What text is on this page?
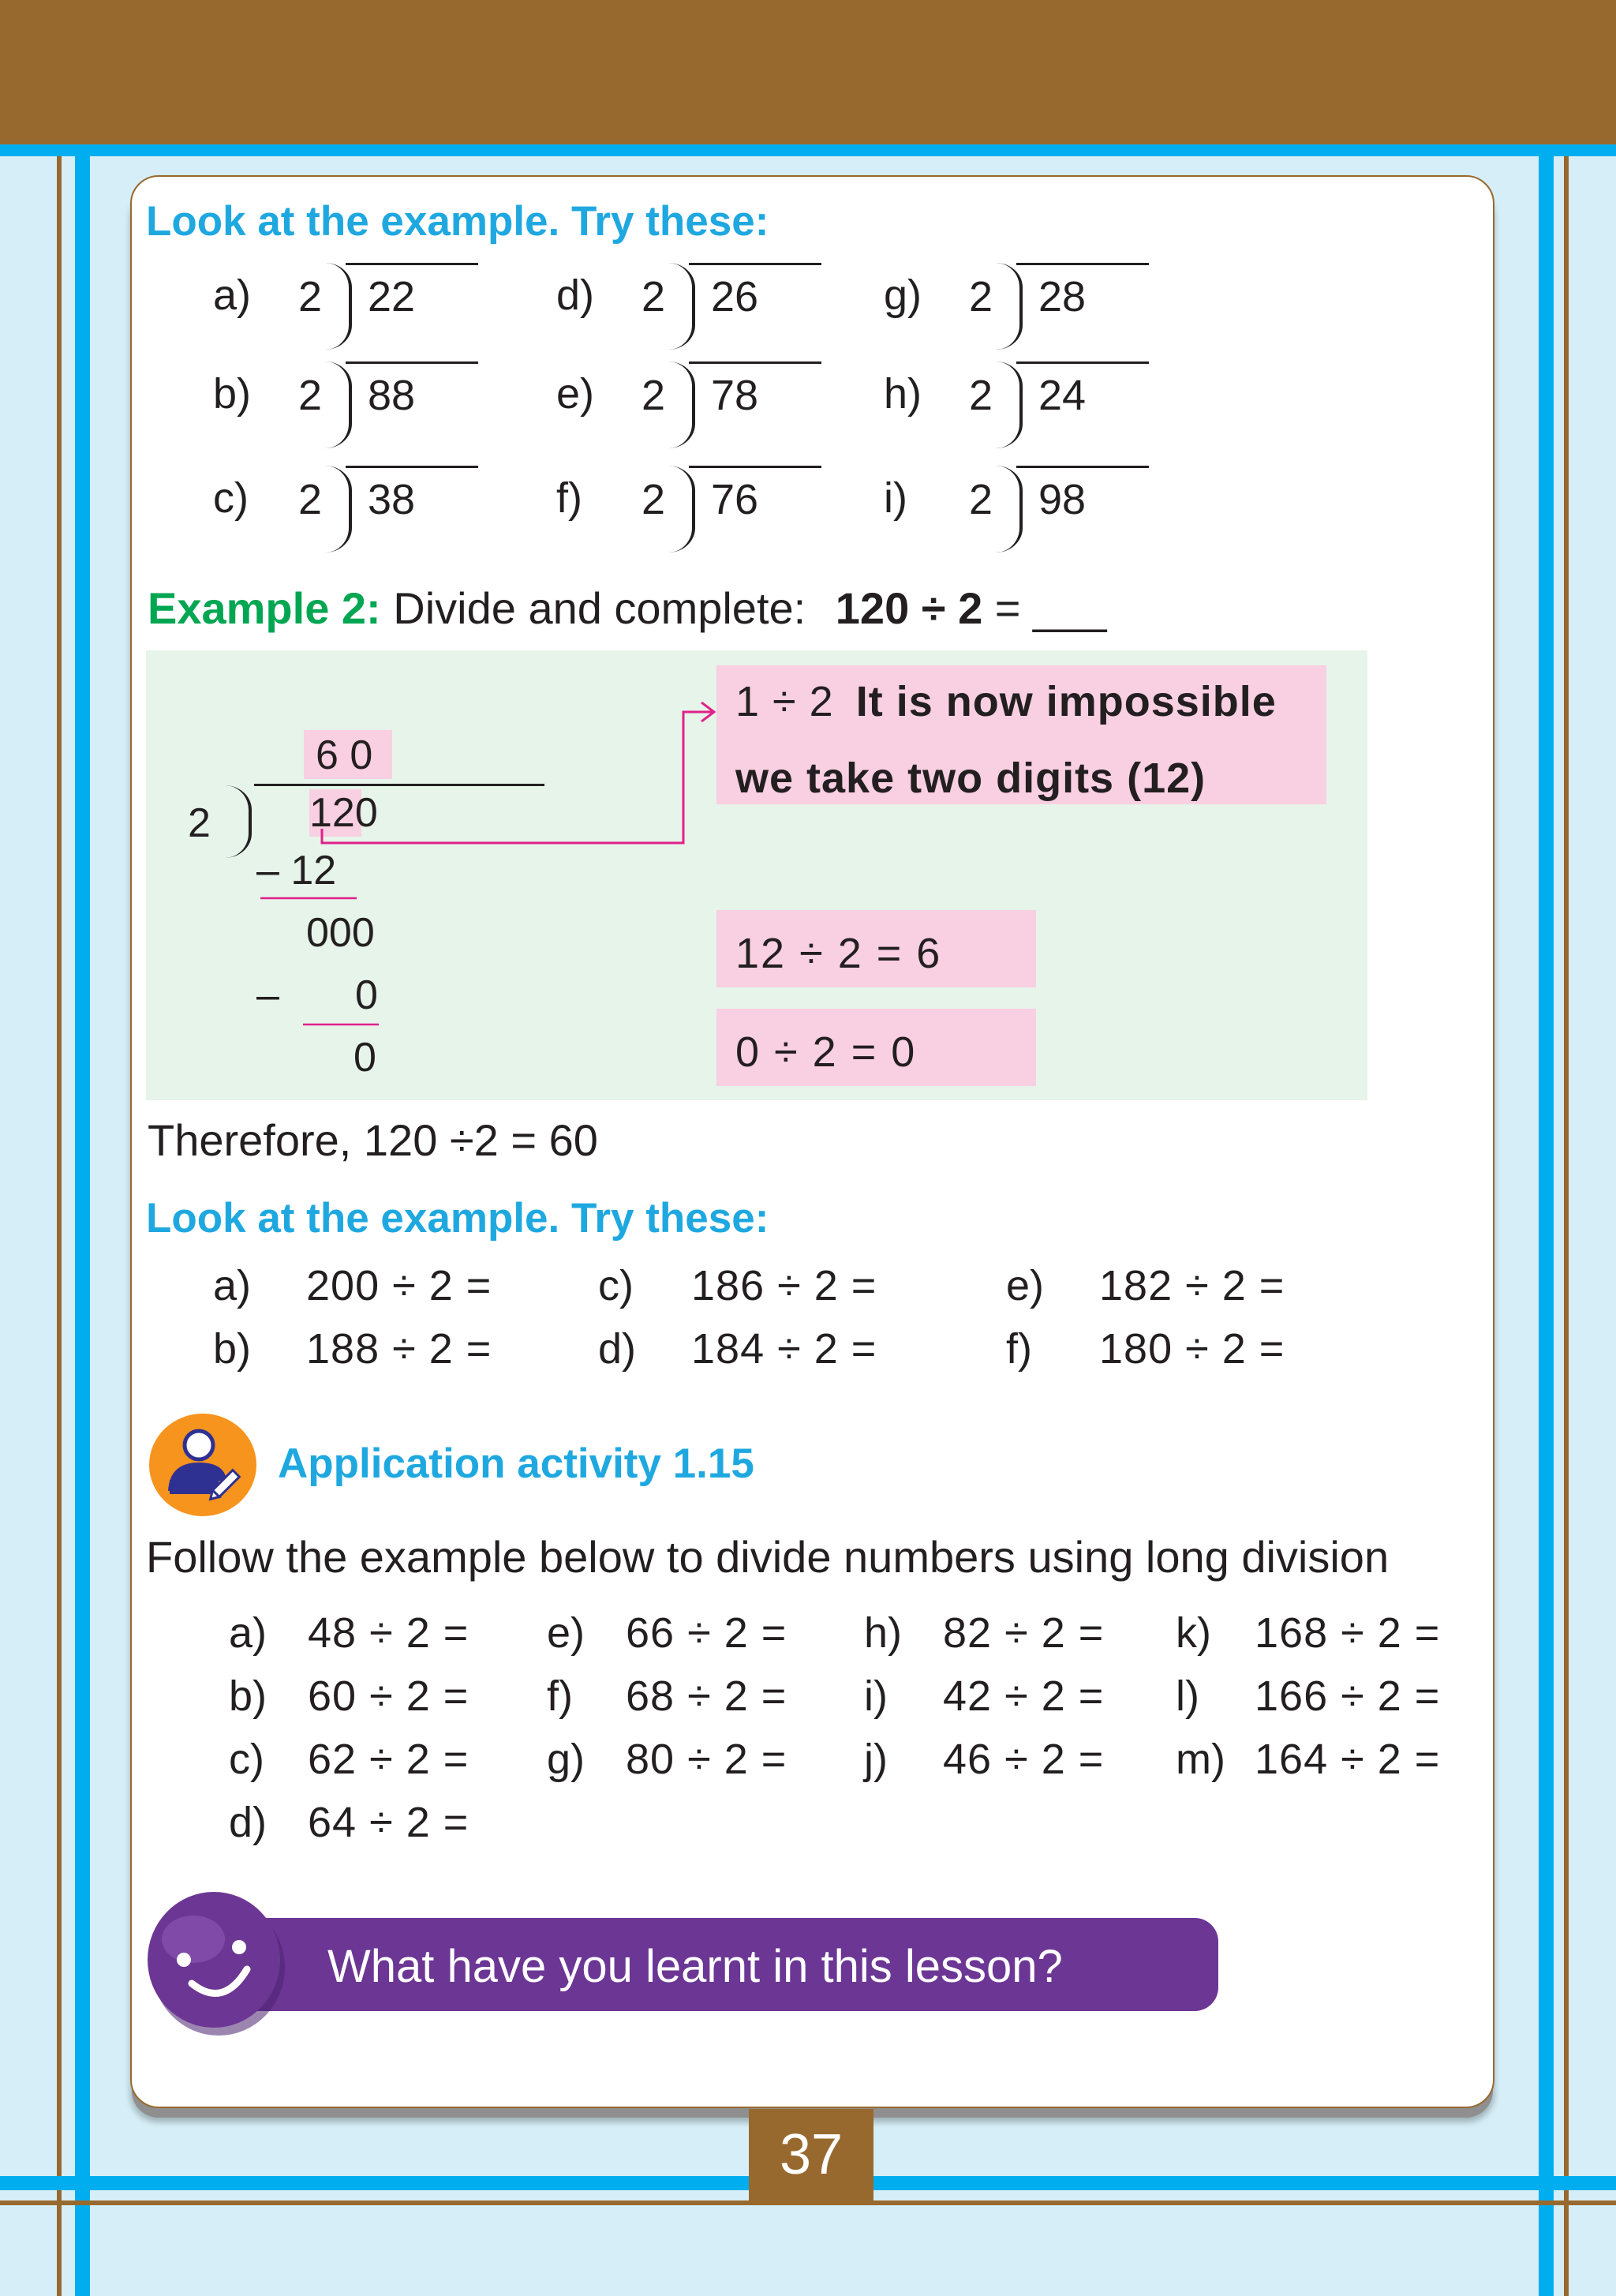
Look at the example. Try these:
a) 2 22
b) 2 88
c) 2 38
d) 2 26
e) 2 78
f) 2 76
g) 2 28
h) 2 24
i) 2 98
Example 2: Divide and complete: 120 ÷ 2 = ___
6 0
2 120
– 12
000
– 0
0
1 ÷ 2 It is now impossible
we take two digits (12)
12 ÷ 2 = 6
0 ÷ 2 = 0
Therefore, 120 ÷2 = 60
Look at the example. Try these:
a) 200 ÷ 2 =
b) 188 ÷ 2 =
c) 186 ÷ 2 =
d) 184 ÷ 2 =
e) 182 ÷ 2 =
f) 180 ÷ 2 =
Application activity 1.15
Follow the example below to divide numbers using long division
a) 48 ÷ 2 =
b) 60 ÷ 2 =
c) 62 ÷ 2 =
d) 64 ÷ 2 =
e) 66 ÷ 2 =
f) 68 ÷ 2 =
g) 80 ÷ 2 =
h) 82 ÷ 2 =
i) 42 ÷ 2 =
j) 46 ÷ 2 =
k) 168 ÷ 2 =
l) 166 ÷ 2 =
m) 164 ÷ 2 =
What have you learnt in this lesson?
37
